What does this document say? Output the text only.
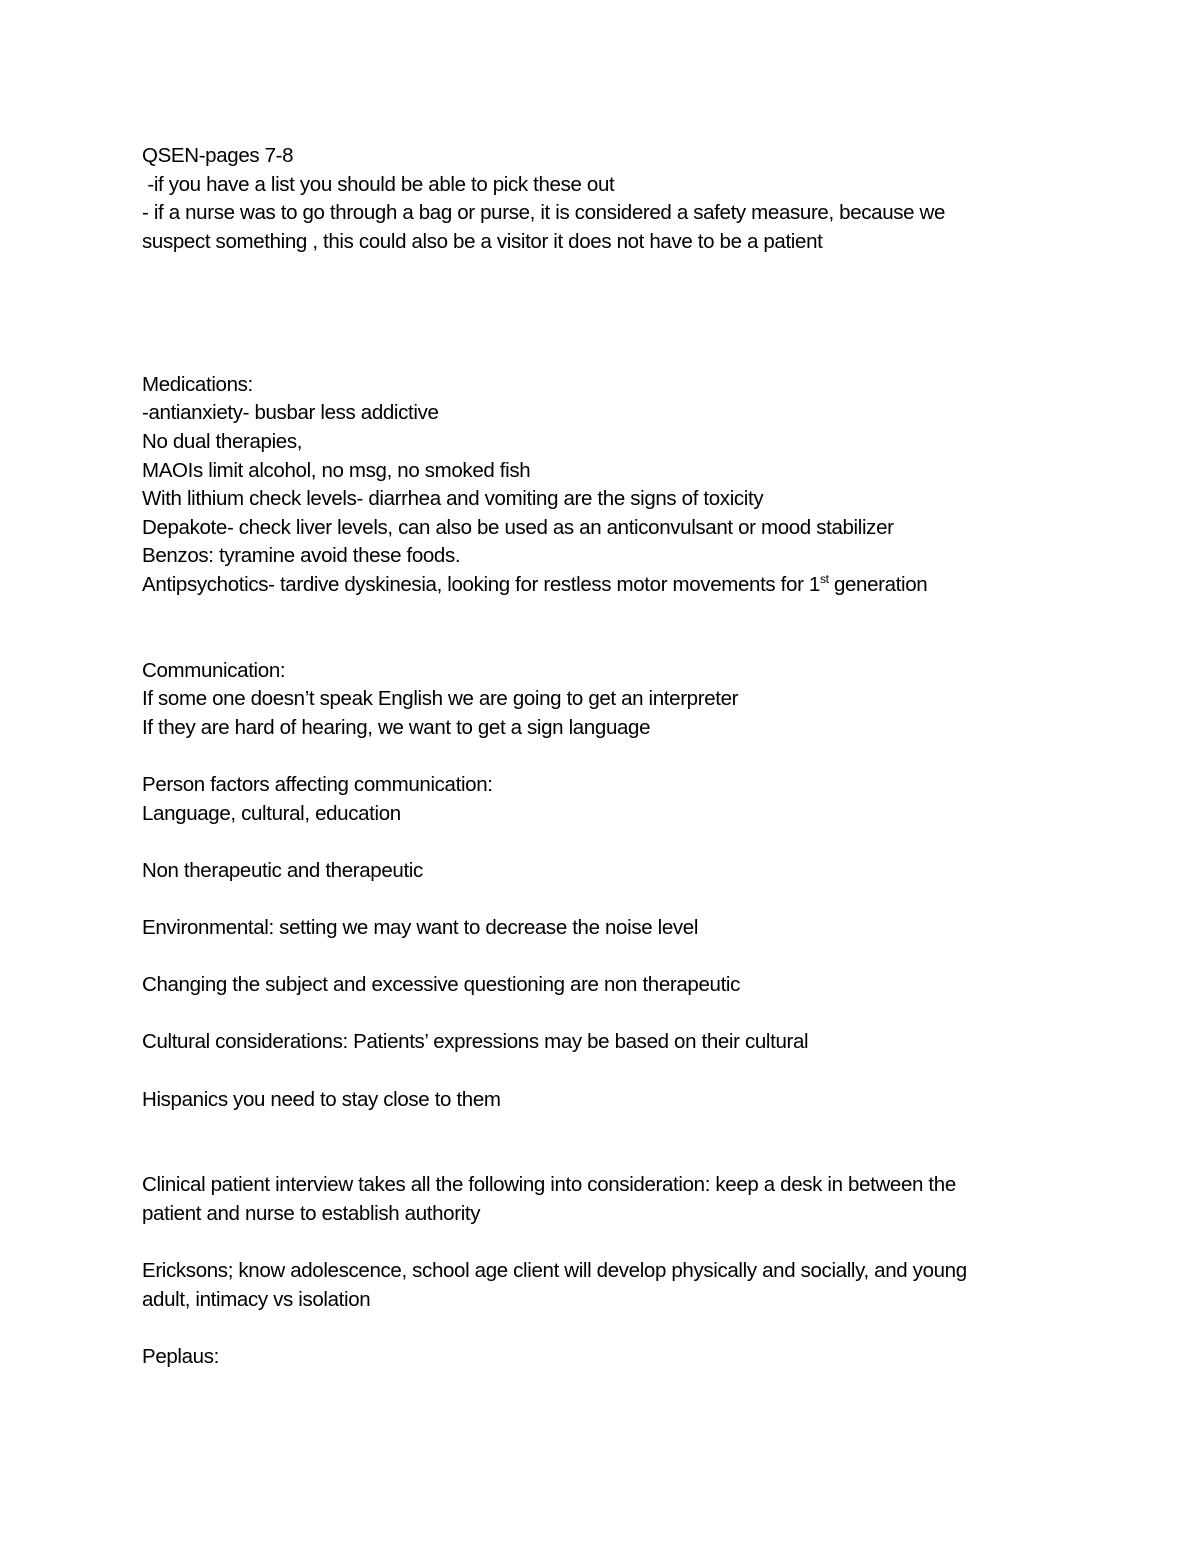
QSEN-pages 7-8
-if you have a list you should be able to pick these out
- if a nurse was to go through a bag or purse, it is considered a safety measure, because we
suspect something , this could also be a visitor it does not have to be a patient
Medications:
-antianxiety- busbar less addictive
No dual therapies,
MAOIs limit alcohol, no msg, no smoked fish
With lithium check levels- diarrhea and vomiting are the signs of toxicity
Depakote- check liver levels, can also be used as an anticonvulsant or mood stabilizer
Benzos: tyramine avoid these foods.
Antipsychotics- tardive dyskinesia, looking for restless motor movements for 1st generation
Communication:
If some one doesn’t speak English we are going to get an interpreter
If they are hard of hearing, we want to get a sign language
Person factors affecting communication:
Language, cultural, education
Non therapeutic and therapeutic
Environmental: setting we may want to decrease the noise level
Changing the subject and excessive questioning are non therapeutic
Cultural considerations: Patients’ expressions may be based on their cultural
Hispanics you need to stay close to them
Clinical patient interview takes all the following into consideration: keep a desk in between the
patient and nurse to establish authority
Ericksons; know adolescence, school age client will develop physically and socially, and young
adult, intimacy vs isolation
Peplaus:
